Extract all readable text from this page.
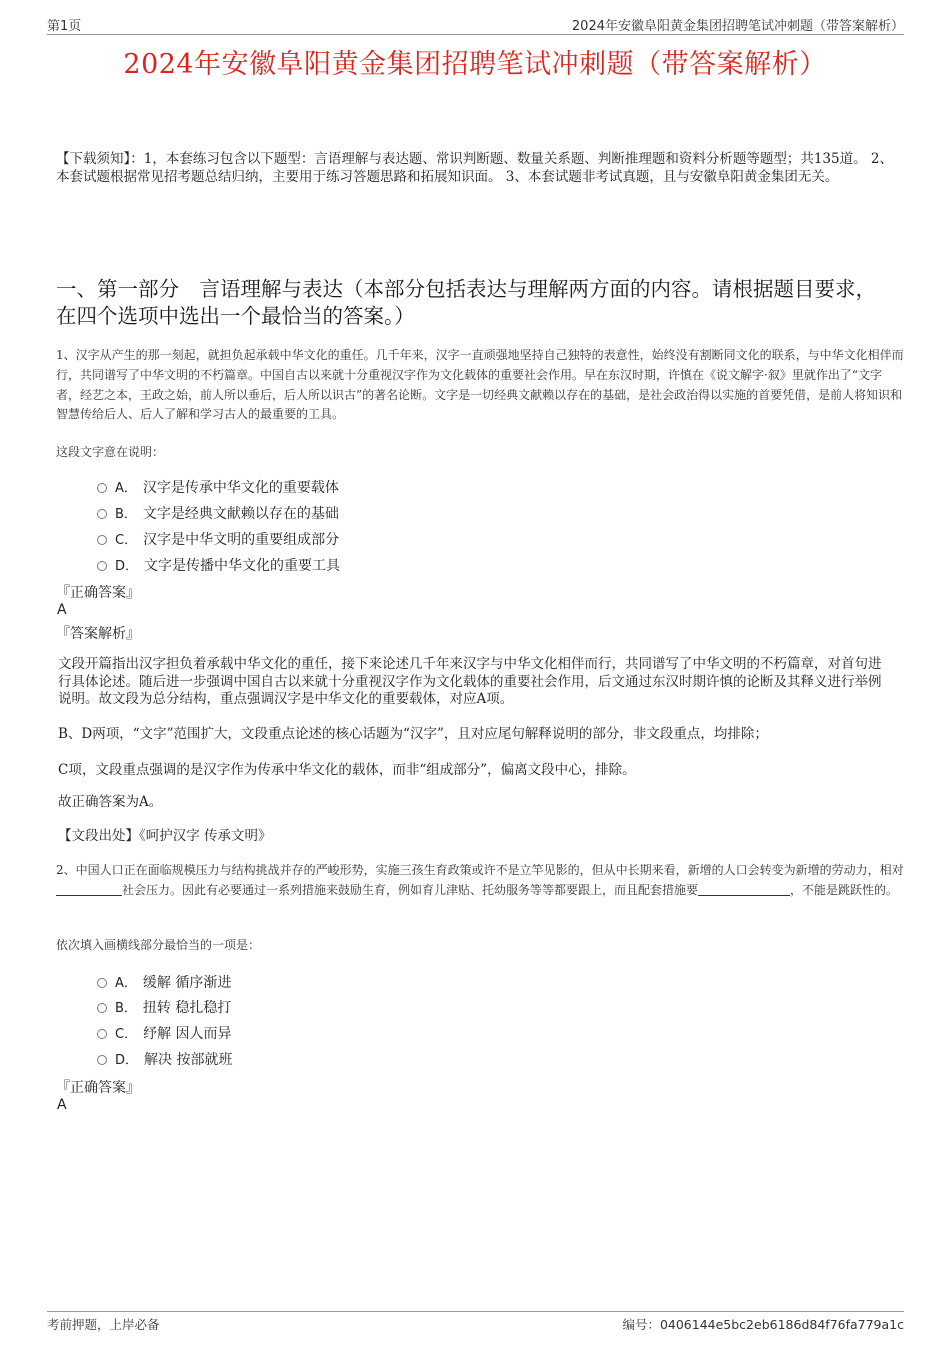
第1页	2024年安徽阜阳黄金集团招聘笔试冲刺题（带答案解析）
2024年安徽阜阳黄金集团招聘笔试冲刺题（带答案解析）
【下载须知】：1，本套练习包含以下题型：言语理解与表达题、常识判断题、数量关系题、判断推理题和资料分析题等题型；共135道。 2、本套试题根据常见招考题总结归纳，主要用于练习答题思路和拓展知识面。 3、本套试题非考试真题，且与安徽阜阳黄金集团无关。
一、第一部分　言语理解与表达（本部分包括表达与理解两方面的内容。请根据题目要求，在四个选项中选出一个最恰当的答案。）
1、汉字从产生的那一刻起，就担负起承载中华文化的重任。几千年来，汉字一直顽强地坚持自己独特的表意性，始终没有割断同文化的联系，与中华文化相伴而行，共同谱写了中华文明的不朽篇章。中国自古以来就十分重视汉字作为文化载体的重要社会作用。早在东汉时期，许慎在《说文解字·叙》里就作出了“文字者，经艺之本，王政之始，前人所以垂后，后人所以识古”的著名论断。文字是一切经典文献赖以存在的基础，是社会政治得以实施的首要凭借，是前人将知识和智慧传给后人、后人了解和学习古人的最重要的工具。
这段文字意在说明：
A． 汉字是传承中华文化的重要载体
B． 文字是经典文献赖以存在的基础
C． 汉字是中华文明的重要组成部分
D． 文字是传播中华文化的重要工具
『正确答案』
A
『答案解析』
文段开篇指出汉字担负着承载中华文化的重任，接下来论述几千年来汉字与中华文化相伴而行，共同谱写了中华文明的不朽篇章，对首句进行具体论述。随后进一步强调中国自古以来就十分重视汉字作为文化载体的重要社会作用，后文通过东汉时期许慎的论断及其释义进行举例说明。故文段为总分结构，重点强调汉字是中华文化的重要载体，对应A项。
B、D两项，“文字”范围扩大，文段重点论述的核心话题为“汉字”，且对应尾句解释说明的部分，非文段重点，均排除；
C项，文段重点强调的是汉字作为传承中华文化的载体，而非“组成部分”，偏离文段中心，排除。
故正确答案为A。
【文段出处】《呵护汉字 传承文明》
2、中国人口正在面临规模压力与结构挑战并存的严峻形势，实施三孩生育政策或许不是立竿见影的，但从中长期来看，新增的人口会转变为新增的劳动力，相对 社会压力。因此有必要通过一系列措施来鼓励生育，例如育儿津贴、托幼服务等等都要跟上，而且配套措施要	，不能是跳跃性的。
依次填入画横线部分最恰当的一项是：
A． 缓解 循序渐进
B． 扭转 稳扎稳打
C． 纾解 因人而异
D． 解决 按部就班
『正确答案』
A
考前押题，上岸必备	编号：0406144e5bc2eb6186d84f76fa779a1c
